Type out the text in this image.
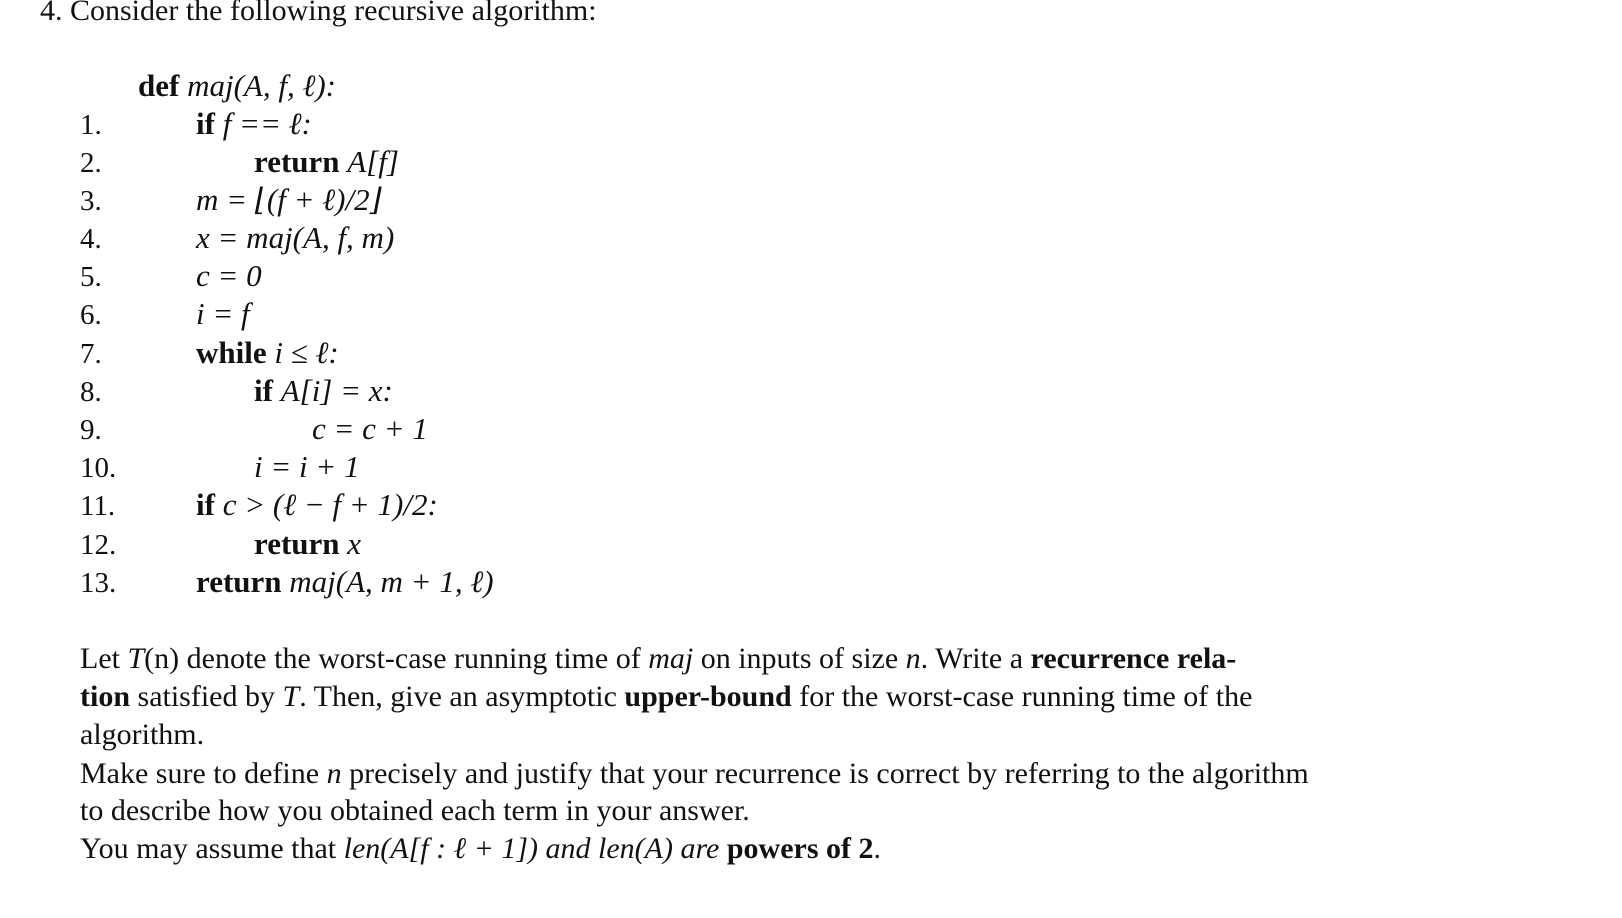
4. Consider the following recursive algorithm:
def maj(A, f, ℓ):
1.	if f == ℓ:
2.	return A[f]
3.	m = ⌊(f + ℓ)/2⌋
4.	x = maj(A, f, m)
5.	c = 0
6.	i = f
7.	while i ≤ ℓ:
8.	if A[i] = x:
9.	c = c + 1
10.	i = i + 1
11.	if c > (ℓ − f + 1)/2:
12.	return x
13.	return maj(A, m + 1, ℓ)
Let T(n) denote the worst-case running time of maj on inputs of size n. Write a recurrence rela-
tion satisfied by T. Then, give an asymptotic upper-bound for the worst-case running time of the
algorithm.
Make sure to define n precisely and justify that your recurrence is correct by referring to the algorithm
to describe how you obtained each term in your answer.
You may assume that len(A[f : ℓ + 1]) and len(A) are powers of 2.
